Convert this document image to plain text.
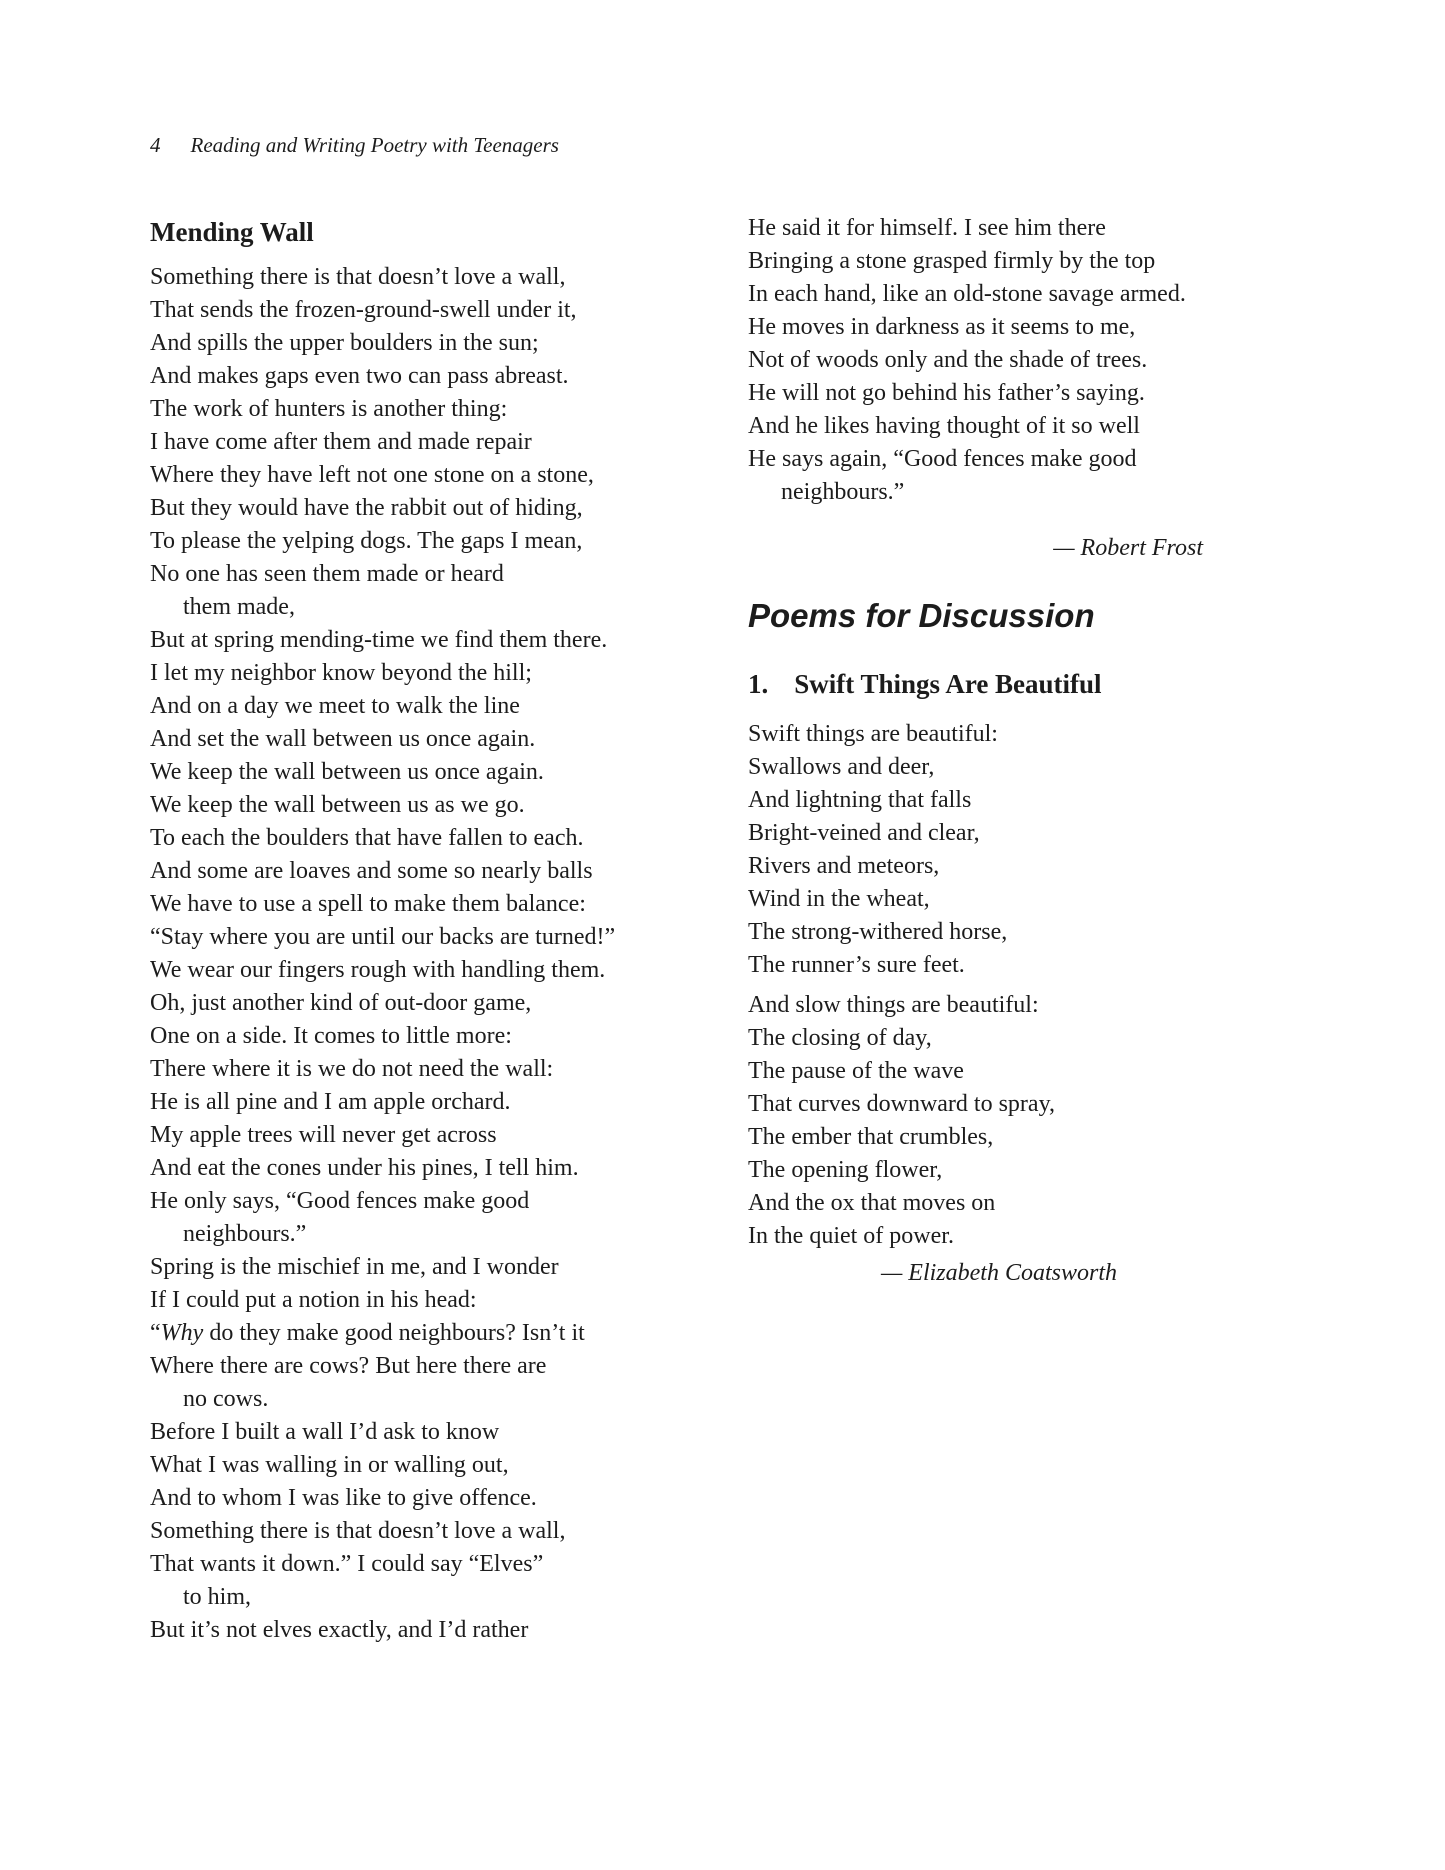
4 Reading and Writing Poetry with Teenagers
Mending Wall
Something there is that doesn’t love a wall,
That sends the frozen-ground-swell under it,
And spills the upper boulders in the sun;
And makes gaps even two can pass abreast.
The work of hunters is another thing:
I have come after them and made repair
Where they have left not one stone on a stone,
But they would have the rabbit out of hiding,
To please the yelping dogs. The gaps I mean,
No one has seen them made or heard
them made,
But at spring mending-time we find them there.
I let my neighbor know beyond the hill;
And on a day we meet to walk the line
And set the wall between us once again.
We keep the wall between us once again.
We keep the wall between us as we go.
To each the boulders that have fallen to each.
And some are loaves and some so nearly balls
We have to use a spell to make them balance:
“Stay where you are until our backs are turned!”
We wear our fingers rough with handling them.
Oh, just another kind of out-door game,
One on a side. It comes to little more:
There where it is we do not need the wall:
He is all pine and I am apple orchard.
My apple trees will never get across
And eat the cones under his pines, I tell him.
He only says, “Good fences make good
neighbours.”
Spring is the mischief in me, and I wonder
If I could put a notion in his head:
“Why do they make good neighbours? Isn’t it
Where there are cows? But here there are
no cows.
Before I built a wall I’d ask to know
What I was walling in or walling out,
And to whom I was like to give offence.
Something there is that doesn’t love a wall,
That wants it down.” I could say “Elves”
to him,
But it’s not elves exactly, and I’d rather
He said it for himself. I see him there
Bringing a stone grasped firmly by the top
In each hand, like an old-stone savage armed.
He moves in darkness as it seems to me,
Not of woods only and the shade of trees.
He will not go behind his father’s saying.
And he likes having thought of it so well
He says again, “Good fences make good
neighbours.”
— Robert Frost
Poems for Discussion
1. Swift Things Are Beautiful
Swift things are beautiful:
Swallows and deer,
And lightning that falls
Bright-veined and clear,
Rivers and meteors,
Wind in the wheat,
The strong-withered horse,
The runner’s sure feet.
And slow things are beautiful:
The closing of day,
The pause of the wave
That curves downward to spray,
The ember that crumbles,
The opening flower,
And the ox that moves on
In the quiet of power.
— Elizabeth Coatsworth
